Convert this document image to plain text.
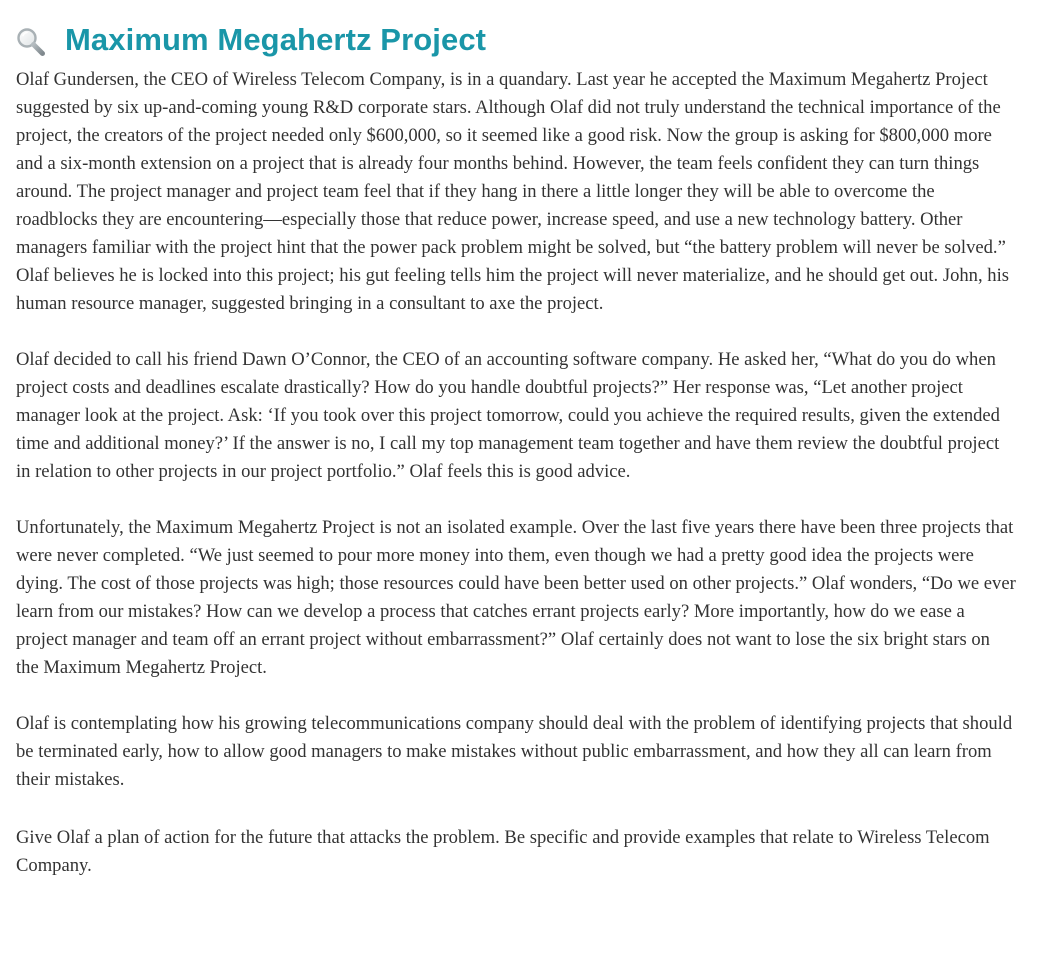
Maximum Megahertz Project

Olaf Gundersen, the CEO of Wireless Telecom Company, is in a quandary. Last year he accepted the Maximum Megahertz Project suggested by six up-and-coming young R&D corporate stars. Although Olaf did not truly understand the technical importance of the project, the creators of the project needed only $600,000, so it seemed like a good risk. Now the group is asking for $800,000 more and a six-month extension on a project that is already four months behind. However, the team feels confident they can turn things around. The project manager and project team feel that if they hang in there a little longer they will be able to overcome the roadblocks they are encountering—especially those that reduce power, increase speed, and use a new technology battery. Other managers familiar with the project hint that the power pack problem might be solved, but “the battery problem will never be solved.” Olaf believes he is locked into this project; his gut feeling tells him the project will never materialize, and he should get out. John, his human resource manager, suggested bringing in a consultant to axe the project.

Olaf decided to call his friend Dawn O’Connor, the CEO of an accounting software company. He asked her, “What do you do when project costs and deadlines escalate drastically? How do you handle doubtful projects?” Her response was, “Let another project manager look at the project. Ask: ‘If you took over this project tomorrow, could you achieve the required results, given the extended time and additional money?’ If the answer is no, I call my top management team together and have them review the doubtful project in relation to other projects in our project portfolio.” Olaf feels this is good advice.

Unfortunately, the Maximum Megahertz Project is not an isolated example. Over the last five years there have been three projects that were never completed. “We just seemed to pour more money into them, even though we had a pretty good idea the projects were dying. The cost of those projects was high; those resources could have been better used on other projects.” Olaf wonders, “Do we ever learn from our mistakes? How can we develop a process that catches errant projects early? More importantly, how do we ease a project manager and team off an errant project without embarrassment?” Olaf certainly does not want to lose the six bright stars on the Maximum Megahertz Project.

Olaf is contemplating how his growing telecommunications company should deal with the problem of identifying projects that should be terminated early, how to allow good managers to make mistakes without public embarrassment, and how they all can learn from their mistakes.

Give Olaf a plan of action for the future that attacks the problem. Be specific and provide examples that relate to Wireless Telecom Company.
